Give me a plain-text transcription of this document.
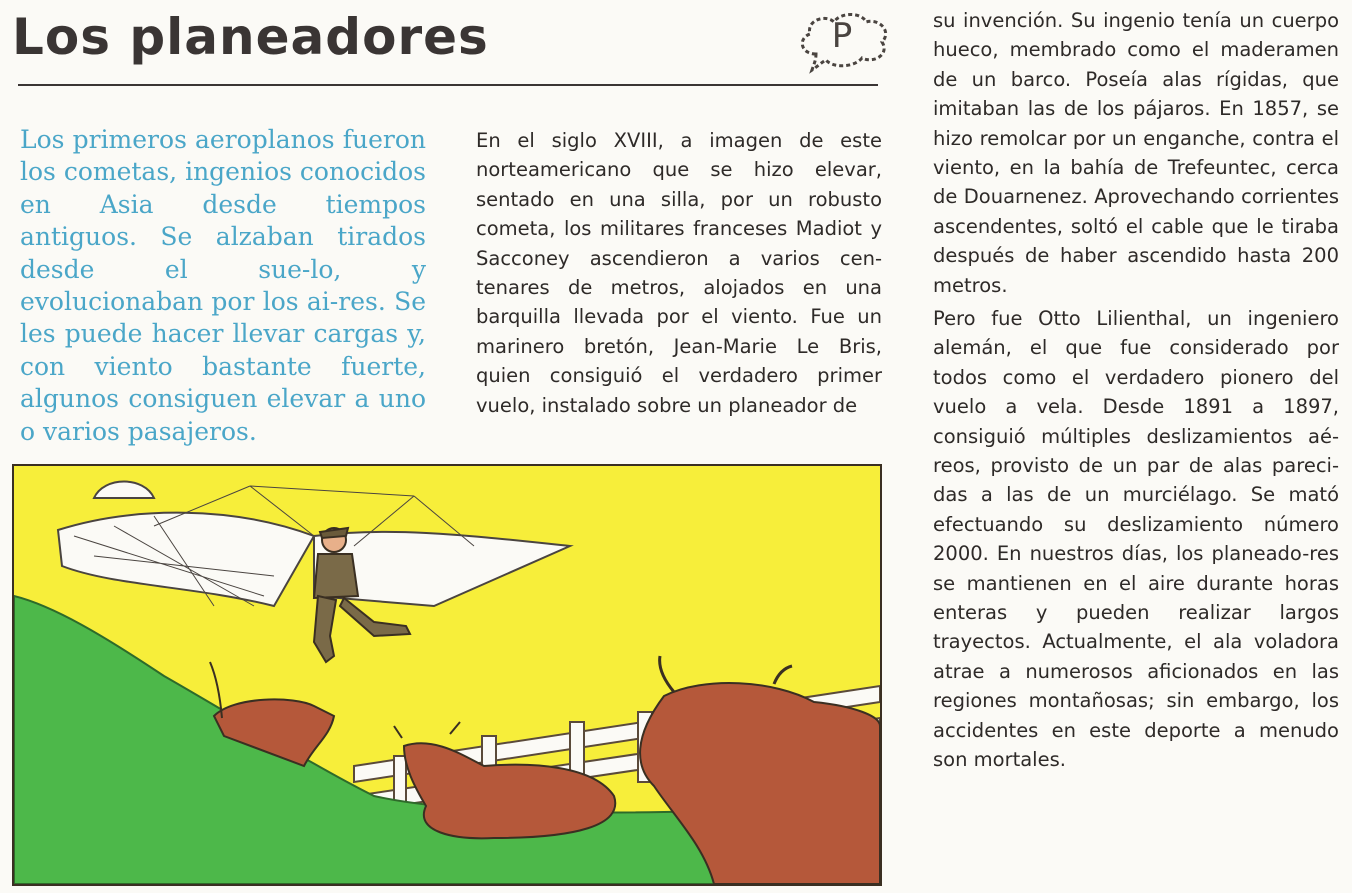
Los planeadores	P

Los primeros aeroplanos fueron los cometas, ingenios conocidos en Asia desde tiempos antiguos. Se alzaban tirados desde el sue-lo, y evolucionaban por los ai-res. Se les puede hacer llevar cargas y, con viento bastante fuerte, algunos consiguen elevar a uno o varios pasajeros.

En el siglo XVIII, a imagen de este norteamericano que se hizo elevar, sentado en una silla, por un robusto cometa, los militares franceses Madiot y Sacconey ascendieron a varios cen-tenares de metros, alojados en una barquilla llevada por el viento. Fue un marinero bretón, Jean-Marie Le Bris, quien consiguió el verdadero primer vuelo, instalado sobre un planeador de

su invención. Su ingenio tenía un cuerpo hueco, membrado como el maderamen de un barco. Poseía alas rígidas, que imitaban las de los pájaros. En 1857, se hizo remolcar por un enganche, contra el viento, en la bahía de Trefeuntec, cerca de Douarnenez. Aprovechando corrientes ascendentes, soltó el cable que le tiraba después de haber ascendido hasta 200 metros.

Pero fue Otto Lilienthal, un ingeniero alemán, el que fue considerado por todos como el verdadero pionero del vuelo a vela. Desde 1891 a 1897, consiguió múltiples deslizamientos aé-reos, provisto de un par de alas pareci-das a las de un murciélago. Se mató efectuando su deslizamiento número 2000. En nuestros días, los planeado-res se mantienen en el aire durante horas enteras y pueden realizar largos trayectos. Actualmente, el ala voladora atrae a numerosos aficionados en las regiones montañosas; sin embargo, los accidentes en este deporte a menudo son mortales.
